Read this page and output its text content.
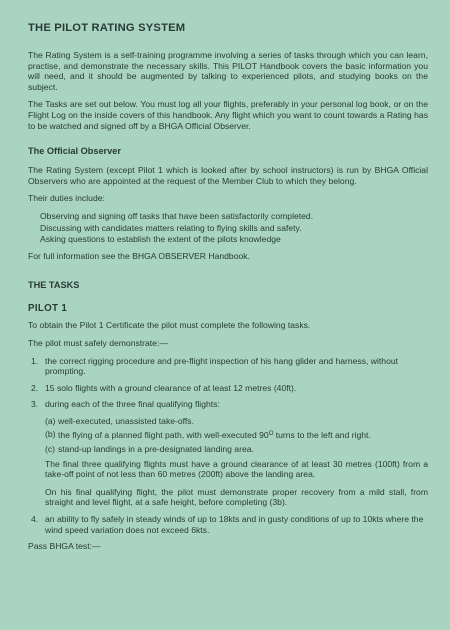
THE PILOT RATING SYSTEM

The Rating System is a self-training programme involving a series of tasks through which you can learn, practise, and demonstrate the necessary skills. This PILOT Handbook covers the basic information you will need, and it should be augmented by talking to experienced pilots, and studying books on the subject.

The Tasks are set out below. You must log all your flights, preferably in your personal log book, or on the Flight Log on the inside covers of this handbook. Any flight which you want to count towards a Rating has to be watched and signed off by a BHGA Official Observer.

The Official Observer

The Rating System (except Pilot 1 which is looked after by school instructors) is run by BHGA Official Observers who are appointed at the request of the Member Club to which they belong.

Their duties include:

Observing and signing off tasks that have been satisfactorily completed.
Discussing with candidates matters relating to flying skills and safety.
Asking questions to establish the extent of the pilots knowledge

For full information see the BHGA OBSERVER Handbook.

THE TASKS
PILOT 1

To obtain the Pilot 1 Certificate the pilot must complete the following tasks.

The pilot must safely demonstrate:—

1. the correct rigging procedure and pre-flight inspection of his hang glider and harness, without prompting.
2. 15 solo flights with a ground clearance of at least 12 metres (40ft).
3. during each of the three final qualifying flights:
(a) well-executed, unassisted take-offs.
(b) the flying of a planned flight path, with well-executed $90^O$ turns to the left and right.
(c) stand-up landings in a pre-designated landing area.

The final three qualifying flights must have a ground clearance of at least 30 metres (100ft) from a take-off point of not less than 60 metres (200ft) above the landing area.

On his final qualifying flight, the pilot must demonstrate proper recovery from a mild stall, from straight and level flight, at a safe height, before completing (3b).

4. an ability to fly safely in steady winds of up to 18kts and in gusty conditions of up to 10kts where the wind speed variation does not exceed 6kts.

Pass BHGA test:—
